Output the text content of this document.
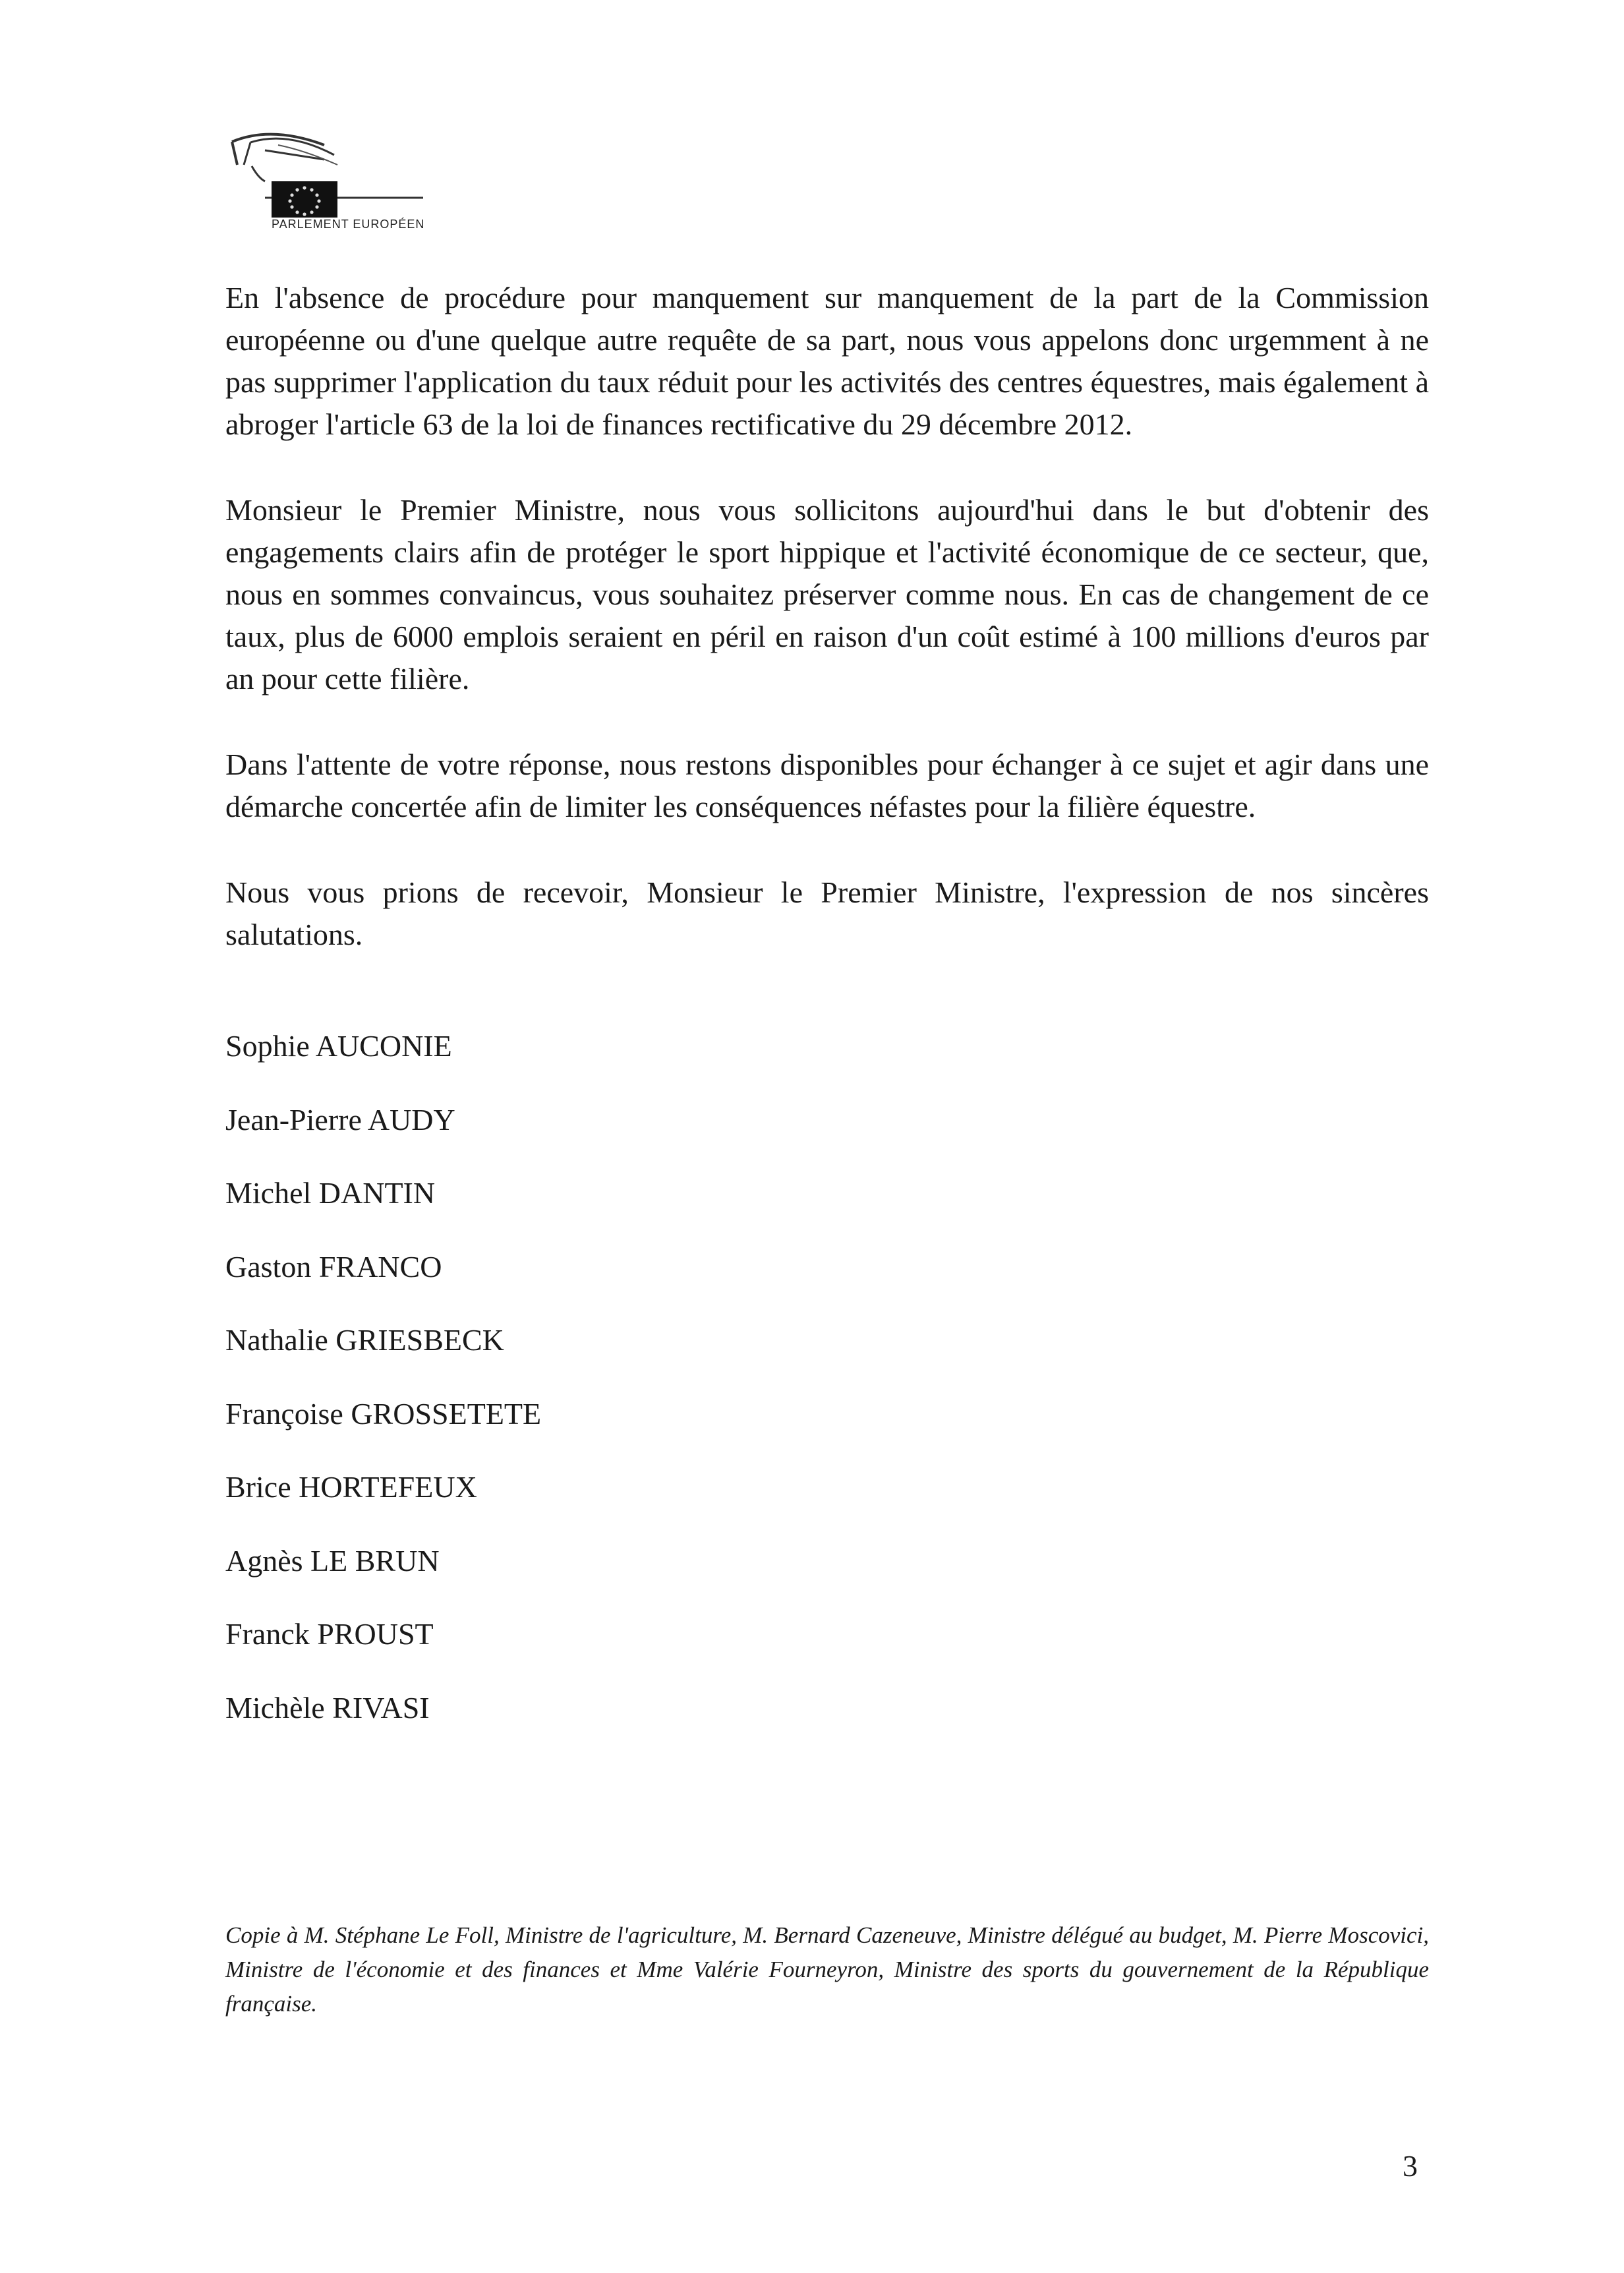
PARLEMENT EUROPÉEN

En l'absence de procédure pour manquement sur manquement de la part de la Commission européenne ou d'une quelque autre requête de sa part, nous vous appelons donc urgemment à ne pas supprimer l'application du taux réduit pour les activités des centres équestres, mais également à abroger l'article 63 de la loi de finances rectificative du 29 décembre 2012.

Monsieur le Premier Ministre, nous vous sollicitons aujourd'hui dans le but d'obtenir des engagements clairs afin de protéger le sport hippique et l'activité économique de ce secteur, que, nous en sommes convaincus, vous souhaitez préserver comme nous. En cas de changement de ce taux, plus de 6000 emplois seraient en péril en raison d'un coût estimé à 100 millions d'euros par an pour cette filière.

Dans l'attente de votre réponse, nous restons disponibles pour échanger à ce sujet et agir dans une démarche concertée afin de limiter les conséquences néfastes pour la filière équestre.

Nous vous prions de recevoir, Monsieur le Premier Ministre, l'expression de nos sincères salutations.

Sophie AUCONIE
Jean-Pierre AUDY
Michel DANTIN
Gaston FRANCO
Nathalie GRIESBECK
Françoise GROSSETETE
Brice HORTEFEUX
Agnès LE BRUN
Franck PROUST
Michèle RIVASI

Copie à M. Stéphane Le Foll, Ministre de l'agriculture, M. Bernard Cazeneuve, Ministre délégué au budget, M. Pierre Moscovici, Ministre de l'économie et des finances et Mme Valérie Fourneyron, Ministre des sports du gouvernement de la République française.

3
